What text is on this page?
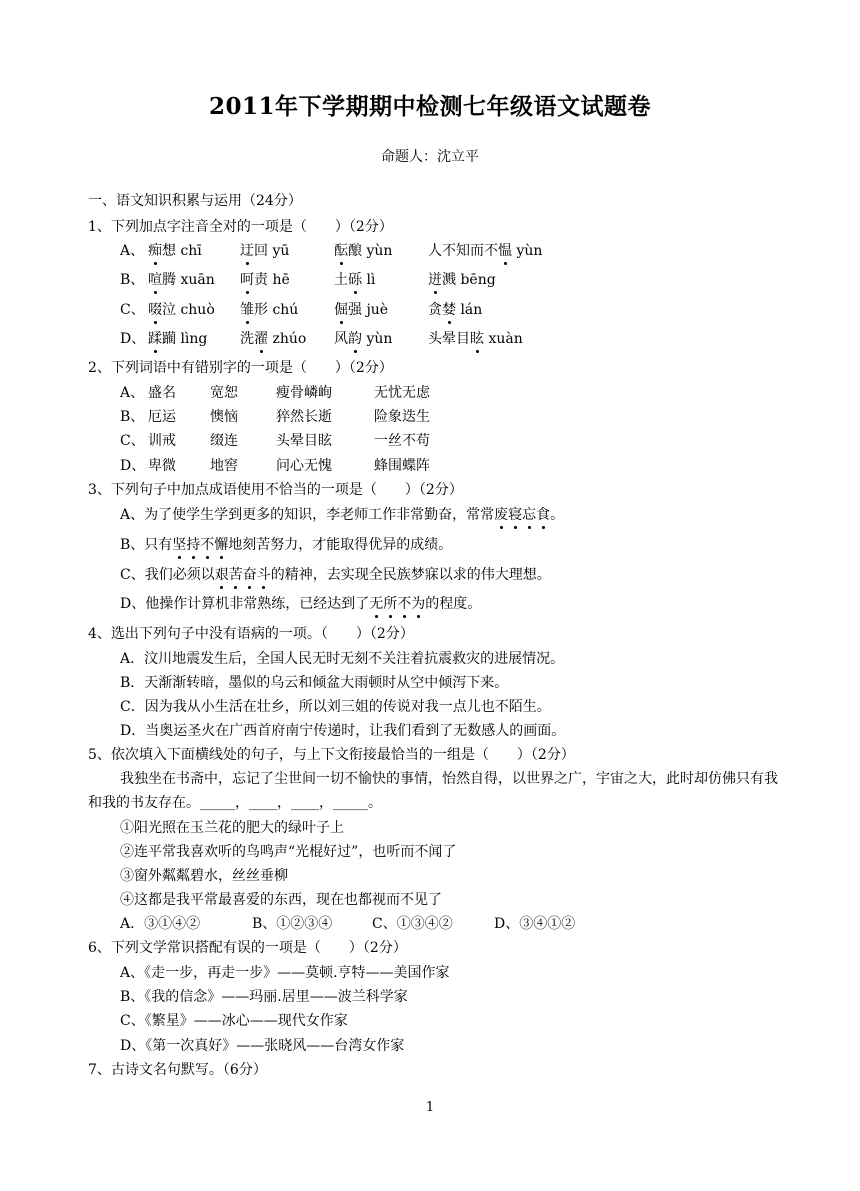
2011年下学期期中检测七年级语文试题卷
命题人：沈立平
一、语文知识积累与运用（24分）
1、下列加点字注音全对的一项是（　　）（2分）
A、 痴想 chī	迂回 yū	酝酿 yùn	人不知而不愠 yùn
B、 喧腾 xuān 呵责 hē	土砾 lì	迸溅 bēng
C、 啜泣 chuò 雏形 chú	倔强 juè	贪婪 lán
D、 蹂躏 lìng 洗濯 zhúo 风韵 yùn	头晕目眩 xuàn
2、下列词语中有错别字的一项是（　　）（2分）
A、 盛名 宽恕	瘦骨嶙峋	无忧无虑
B、 厄运 懊恼	猝然长逝	险象迭生
C、 训戒 缀连	头晕目眩	一丝不苟
D、 卑微 地窖	问心无愧	蜂围蝶阵
3、下列句子中加点成语使用不恰当的一项是（　　）（2分）
A、为了使学生学到更多的知识，李老师工作非常勤奋，常常废寝忘食。
B、只有坚持不懈地刻苦努力，才能取得优异的成绩。
C、我们必须以艰苦奋斗的精神，去实现全民族梦寐以求的伟大理想。
D、他操作计算机非常熟练，已经达到了无所不为的程度。
4、选出下列句子中没有语病的一项。（　　）（2分）
A．汶川地震发生后，全国人民无时无刻不关注着抗震救灾的进展情况。
B．天渐渐转暗，墨似的乌云和倾盆大雨顿时从空中倾泻下来。
C．因为我从小生活在壮乡，所以刘三姐的传说对我一点儿也不陌生。
D．当奥运圣火在广西首府南宁传递时，让我们看到了无数感人的画面。
5、依次填入下面横线处的句子，与上下文衔接最恰当的一组是（　　）（2分）
我独坐在书斋中，忘记了尘世间一切不愉快的事情，怡然自得，以世界之广，宇宙之大，此时却仿佛只有我和我的书友存在。_____，____，____，_____。
①阳光照在玉兰花的肥大的绿叶子上
②连平常我喜欢听的鸟鸣声“光棍好过”，也听而不闻了
③窗外粼粼碧水，丝丝垂柳
④这都是我平常最喜爱的东西，现在也都视而不见了
A．③①④②	B、①②③④	C、①③④②	D、③④①②
6、下列文学常识搭配有误的一项是（　　）（2分）
A、《走一步，再走一步》——莫顿.亨特——美国作家
B、《我的信念》——玛丽.居里——波兰科学家
C、《繁星》——冰心——现代女作家
D、《第一次真好》——张晓风——台湾女作家
7、古诗文名句默写。（6分）
1
